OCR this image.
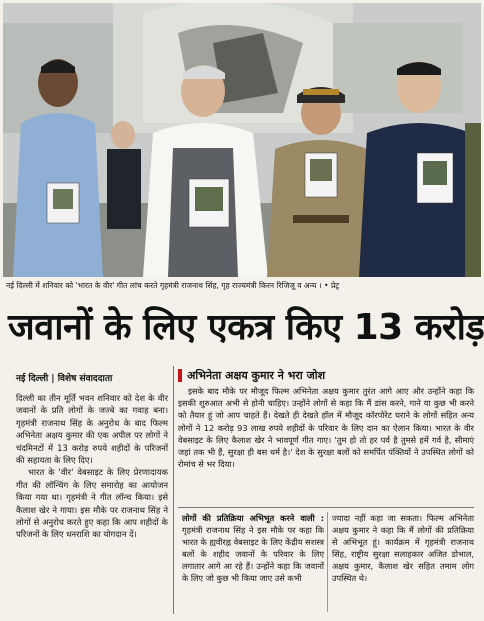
नई दिल्ली में शनिवार को 'भारत के वीर' गीत लांच करते गृहमंत्री राजनाथ सिंह, गृह राज्यमंत्री किरन रिजिजू व अन्य । • प्रेट्र
जवानों के लिए एकत्र किए 13 करोड़
नई दिल्ली | विशेष संवाददाता

दिल्ली का तीन मूर्ति भवन शनिवार को देश के वीर जवानों के प्रति लोगों के जज्बे का गवाह बना। गृहमंत्री राजनाथ सिंह के अनुरोध के बाद फिल्म अभिनेता अक्षय कुमार की एक अपील पर लोगों ने चंदमिनटों में 13 करोड़ रुपये शहीदों के परिजनों की सहायता के लिए दिए।

भारत के 'वीर' वेबसाइट के लिए प्रेरणादायक गीत की लॉन्चिंग के लिए समारोह का आयोजन किया गया था। गृहमंत्री ने गीत लॉन्च किया। इसे कैलाश खेर ने गाया। इस मौके पर राजनाथ सिंह ने लोगों से अनुरोध करते हुए कहा कि आप शहीदों के परिजनों के लिए धनराशि का योगदान दें।

अभिनेता अक्षय कुमार ने भरा जोश
इसके बाद मौके पर मौजूद फिल्म अभिनेता अक्षय कुमार तुरंत आगे आए और उन्होंने कहा कि इसकी शुरुआत अभी से होनी चाहिए। उन्होंने लोगों से कहा कि मैं डांस करने, गाने या कुछ भी करने को तैयार हूं जो आप चाहते हैं। देखते ही देखते हॉल में मौजूद कॉरपोरेट घराने के लोगों सहित अन्य लोगों ने 12 करोड़ 93 लाख रुपये शहीदों के परिवार के लिए दान का ऐलान किया। भारत के वीर वेबसाइट के लिए कैलाश खेर ने भावपूर्ण गीत गाए। 'तुम हो तो हर पर्व है तुमसे हमें गर्व है, सीमाएं जहां तक भी हैं, सुरक्षा ही बस धर्म है।' देश के सुरक्षा बलों को समर्पित पंक्तियों ने उपस्थित लोगों को रोमांच से भर दिया।
लोगों की प्रतिक्रिया अभिभूत करने वाली : गृहमंत्री राजनाथ सिंह ने इस मौके पर कहा कि भारत के ह्यवीरह्न वेबसाइट के लिए केंद्रीय सशस्त्र बलों के शहीद जवानों के परिवार के लिए लगातार आगे आ रहे हैं। उन्होंने कहा कि जवानों के लिए जो कुछ भी किया जाए उसे कभी
ज्यादा नहीं कहा जा सकता। फिल्म अभिनेता अक्षय कुमार ने कहा कि मैं लोगों की प्रतिक्रिया से अभिभूत हूं। कार्यक्रम में गृहमंत्री राजनाथ सिंह, राष्ट्रीय सुरक्षा सलाहकार अजित डोभाल, अक्षय कुमार, कैलाश खेर सहित तमाम लोग उपस्थित थे।
